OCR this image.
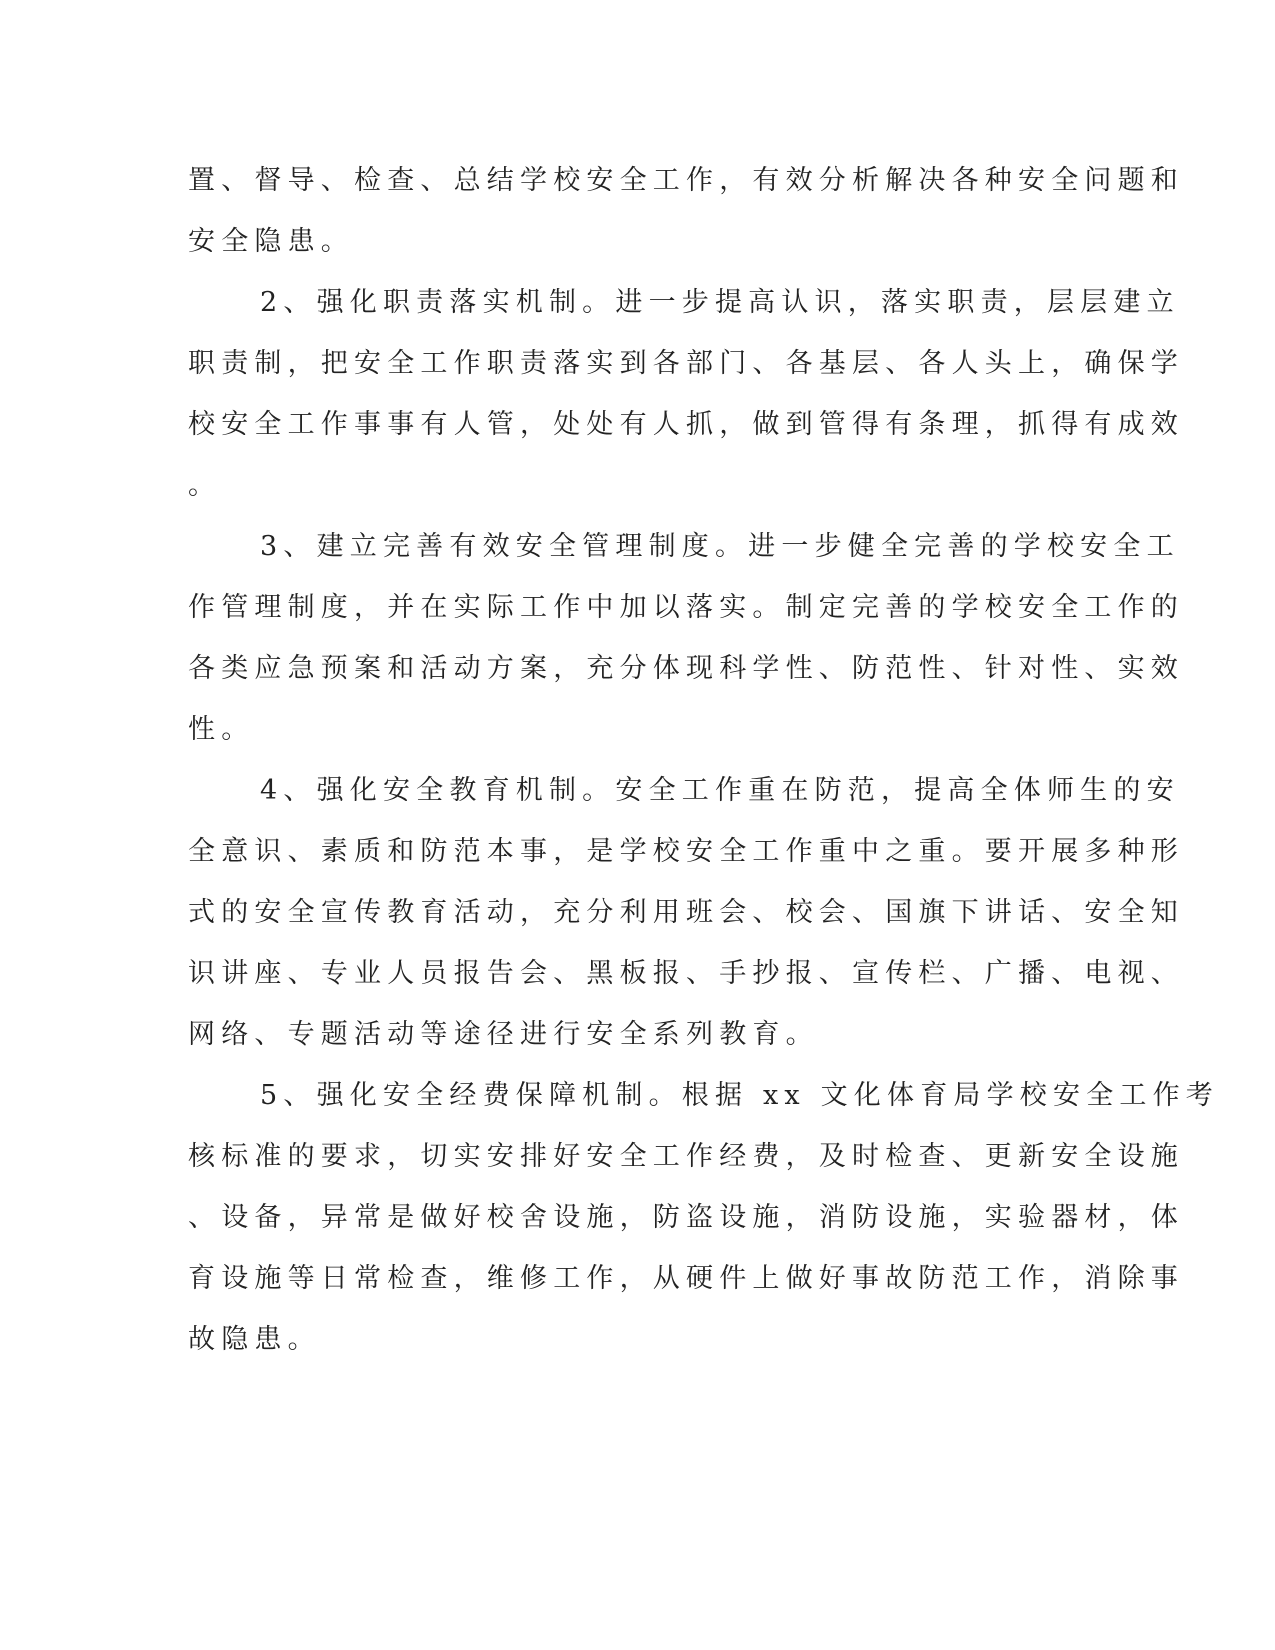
置、督导、检查、总结学校安全工作，有效分析解决各种安全问题和
安全隐患。
2、强化职责落实机制。进一步提高认识，落实职责，层层建立
职责制，把安全工作职责落实到各部门、各基层、各人头上，确保学
校安全工作事事有人管，处处有人抓，做到管得有条理，抓得有成效
。
3、建立完善有效安全管理制度。进一步健全完善的学校安全工
作管理制度，并在实际工作中加以落实。制定完善的学校安全工作的
各类应急预案和活动方案，充分体现科学性、防范性、针对性、实效
性。
4、强化安全教育机制。安全工作重在防范，提高全体师生的安
全意识、素质和防范本事，是学校安全工作重中之重。要开展多种形
式的安全宣传教育活动，充分利用班会、校会、国旗下讲话、安全知
识讲座、专业人员报告会、黑板报、手抄报、宣传栏、广播、电视、
网络、专题活动等途径进行安全系列教育。
5、强化安全经费保障机制。根据 xx 文化体育局学校安全工作考
核标准的要求，切实安排好安全工作经费，及时检查、更新安全设施
、设备，异常是做好校舍设施，防盗设施，消防设施，实验器材，体
育设施等日常检查，维修工作，从硬件上做好事故防范工作，消除事
故隐患。
